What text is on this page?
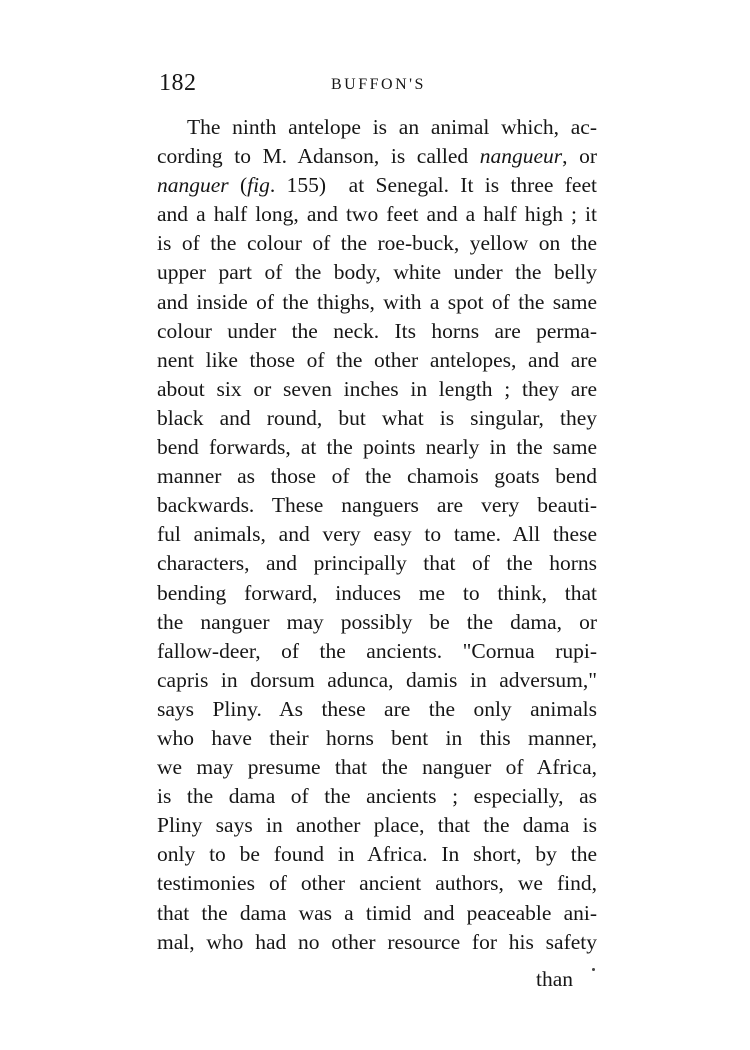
182	BUFFON'S
The ninth antelope is an animal which, ac-
cording to M. Adanson, is called nangueur, or
nanguer (fig. 155)  at Senegal. It is three feet
and a half long, and two feet and a half high ; it
is of the colour of the roe-buck, yellow on the
upper part of the body, white under the belly
and inside of the thighs, with a spot of the same
colour under the neck. Its horns are perma-
nent like those of the other antelopes, and are
about six or seven inches in length ; they are
black and round, but what is singular, they
bend forwards, at the points nearly in the same
manner as those of the chamois goats bend
backwards. These nanguers are very beauti-
ful animals, and very easy to tame. All these
characters, and principally that of the horns
bending forward, induces me to think, that
the nanguer may possibly be the dama, or
fallow-deer, of the ancients. "Cornua rupi-
capris in dorsum adunca, damis in adversum,"
says Pliny. As these are the only animals
who have their horns bent in this manner,
we may presume that the nanguer of Africa,
is the dama of the ancients ; especially, as
Pliny says in another place, that the dama is
only to be found in Africa. In short, by the
testimonies of other ancient authors, we find,
that the dama was a timid and peaceable ani-
mal, who had no other resource for his safety
than
